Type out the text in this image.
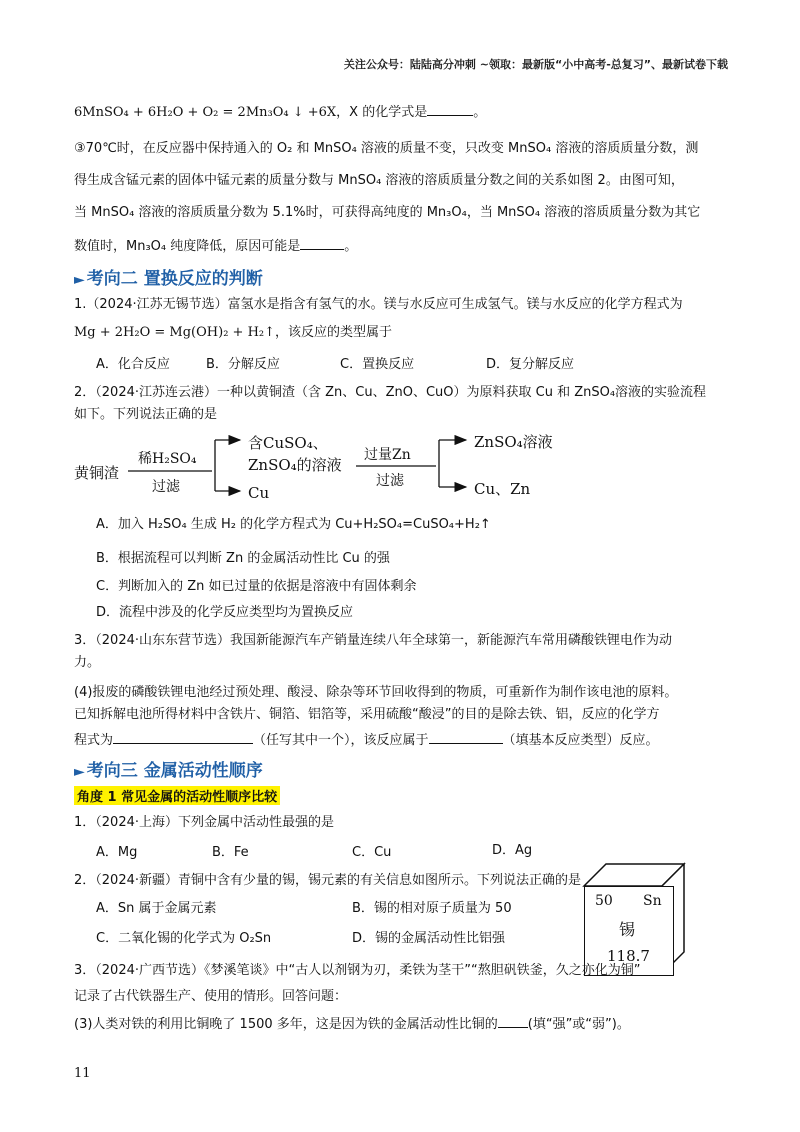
关注公众号：陆陆高分冲刺 ~领取：最新版“小中高考-总复习”、最新试卷下载
6MnSO₄ + 6H₂O + O₂ = 2Mn₃O₄ ↓ +6X，X 的化学式是	。
③70℃时，在反应器中保持通入的 O₂ 和 MnSO₄ 溶液的质量不变，只改变 MnSO₄ 溶液的溶质质量分数，测
得生成含锰元素的固体中锰元素的质量分数与 MnSO₄ 溶液的溶质质量分数之间的关系如图 2。由图可知，
当 MnSO₄ 溶液的溶质质量分数为 5.1%时，可获得高纯度的 Mn₃O₄，当 MnSO₄ 溶液的溶质质量分数为其它
数值时，Mn₃O₄ 纯度降低，原因可能是	。
► 考向二 置换反应的判断
1.（2024·江苏无锡节选）富氢水是指含有氢气的水。镁与水反应可生成氢气。镁与水反应的化学方程式为
Mg + 2H₂O = Mg(OH)₂ + H₂↑，该反应的类型属于
A．化合反应	B．分解反应	C．置换反应	D．复分解反应
2．（2024·江苏连云港）一种以黄铜渣（含 Zn、Cu、ZnO、CuO）为原料获取 Cu 和 ZnSO₄溶液的实验流程
如下。下列说法正确的是
黄铜渣
稀H₂SO₄
过滤
含CuSO₄、
ZnSO₄的溶液
Cu
过量Zn
过滤
ZnSO₄溶液
Cu、Zn
A．加入 H₂SO₄ 生成 H₂ 的化学方程式为 Cu+H₂SO₄=CuSO₄+H₂↑
B．根据流程可以判断 Zn 的金属活动性比 Cu 的强
C．判断加入的 Zn 如已过量的依据是溶液中有固体剩余
D．流程中涉及的化学反应类型均为置换反应
3．（2024·山东东营节选）我国新能源汽车产销量连续八年全球第一，新能源汽车常用磷酸铁锂电作为动
力。
(4)报废的磷酸铁锂电池经过预处理、酸浸、除杂等环节回收得到的物质，可重新作为制作该电池的原料。
已知拆解电池所得材料中含铁片、铜箔、铝箔等，采用硫酸“酸浸”的目的是除去铁、铝，反应的化学方
程式为	（任写其中一个），该反应属于	（填基本反应类型）反应。
► 考向三 金属活动性顺序
角度 1 常见金属的活动性顺序比较
1．（2024·上海）下列金属中活动性最强的是
A．Mg	B．Fe	C．Cu	D．Ag
2．（2024·新疆）青铜中含有少量的锡，锡元素的有关信息如图所示。下列说法正确的是
A．Sn 属于金属元素	B．锡的相对原子质量为 50
C．二氧化锡的化学式为 O₂Sn	D．锡的金属活动性比铝强
50 Sn
锡
118.7
3．（2024·广西节选）《梦溪笔谈》中“古人以剂钢为刃，柔铁为茎干”“熬胆矾铁釜，久之亦化为铜”
记录了古代铁器生产、使用的情形。回答问题：
(3)人类对铁的利用比铜晚了 1500 多年，这是因为铁的金属活动性比铜的 (填“强”或“弱”)。
11
